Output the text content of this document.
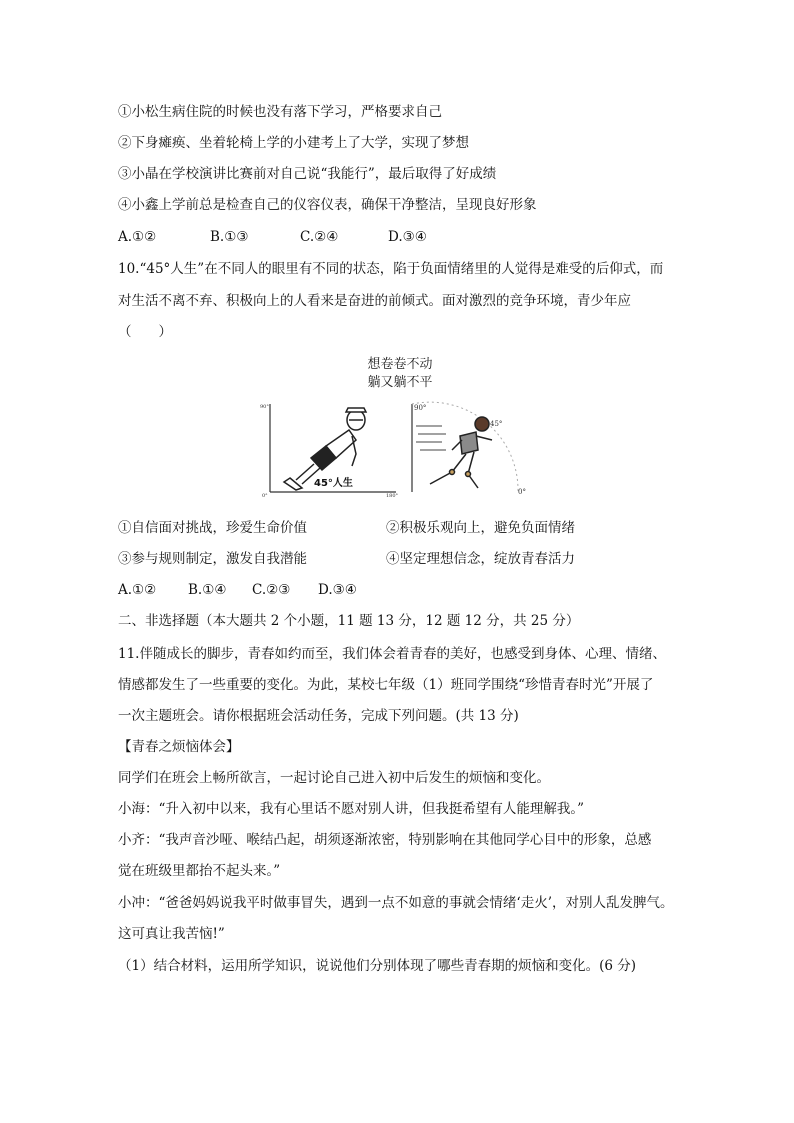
①小松生病住院的时候也没有落下学习，严格要求自己
②下身瘫痪、坐着轮椅上学的小建考上了大学，实现了梦想
③小晶在学校演讲比赛前对自己说“我能行”，最后取得了好成绩
④小鑫上学前总是检查自己的仪容仪表，确保干净整洁，呈现良好形象
A.①②	B.①③	C.②④	D.③④
10.“45°人生”在不同人的眼里有不同的状态，陷于负面情绪里的人觉得是难受的后仰式，而
对生活不离不弃、积极向上的人看来是奋进的前倾式。面对激烈的竞争环境，青少年应
（　　）
想卷卷不动
躺又躺不平
90°
0°	180°
45°人生
90°
45°
0°
①自信面对挑战，珍爱生命价值	②积极乐观向上，避免负面情绪
③参与规则制定，激发自我潜能	④坚定理想信念，绽放青春活力
A.①② B.①④ C.②③ D.③④
二、非选择题（本大题共 2 个小题，11 题 13 分，12 题 12 分，共 25 分）
11.伴随成长的脚步，青春如约而至，我们体会着青春的美好，也感受到身体、心理、情绪、
情感都发生了一些重要的变化。为此，某校七年级（1）班同学围绕“珍惜青春时光”开展了
一次主题班会。请你根据班会活动任务，完成下列问题。(共 13 分)
【青春之烦恼体会】
同学们在班会上畅所欲言，一起讨论自己进入初中后发生的烦恼和变化。
小海：“升入初中以来，我有心里话不愿对别人讲，但我挺希望有人能理解我。”
小齐：“我声音沙哑、喉结凸起，胡须逐渐浓密，特别影响在其他同学心目中的形象，总感
觉在班级里都抬不起头来。”
小冲：“爸爸妈妈说我平时做事冒失，遇到一点不如意的事就会情绪‘走火’，对别人乱发脾气。
这可真让我苦恼!”
（1）结合材料，运用所学知识，说说他们分别体现了哪些青春期的烦恼和变化。(6 分)
